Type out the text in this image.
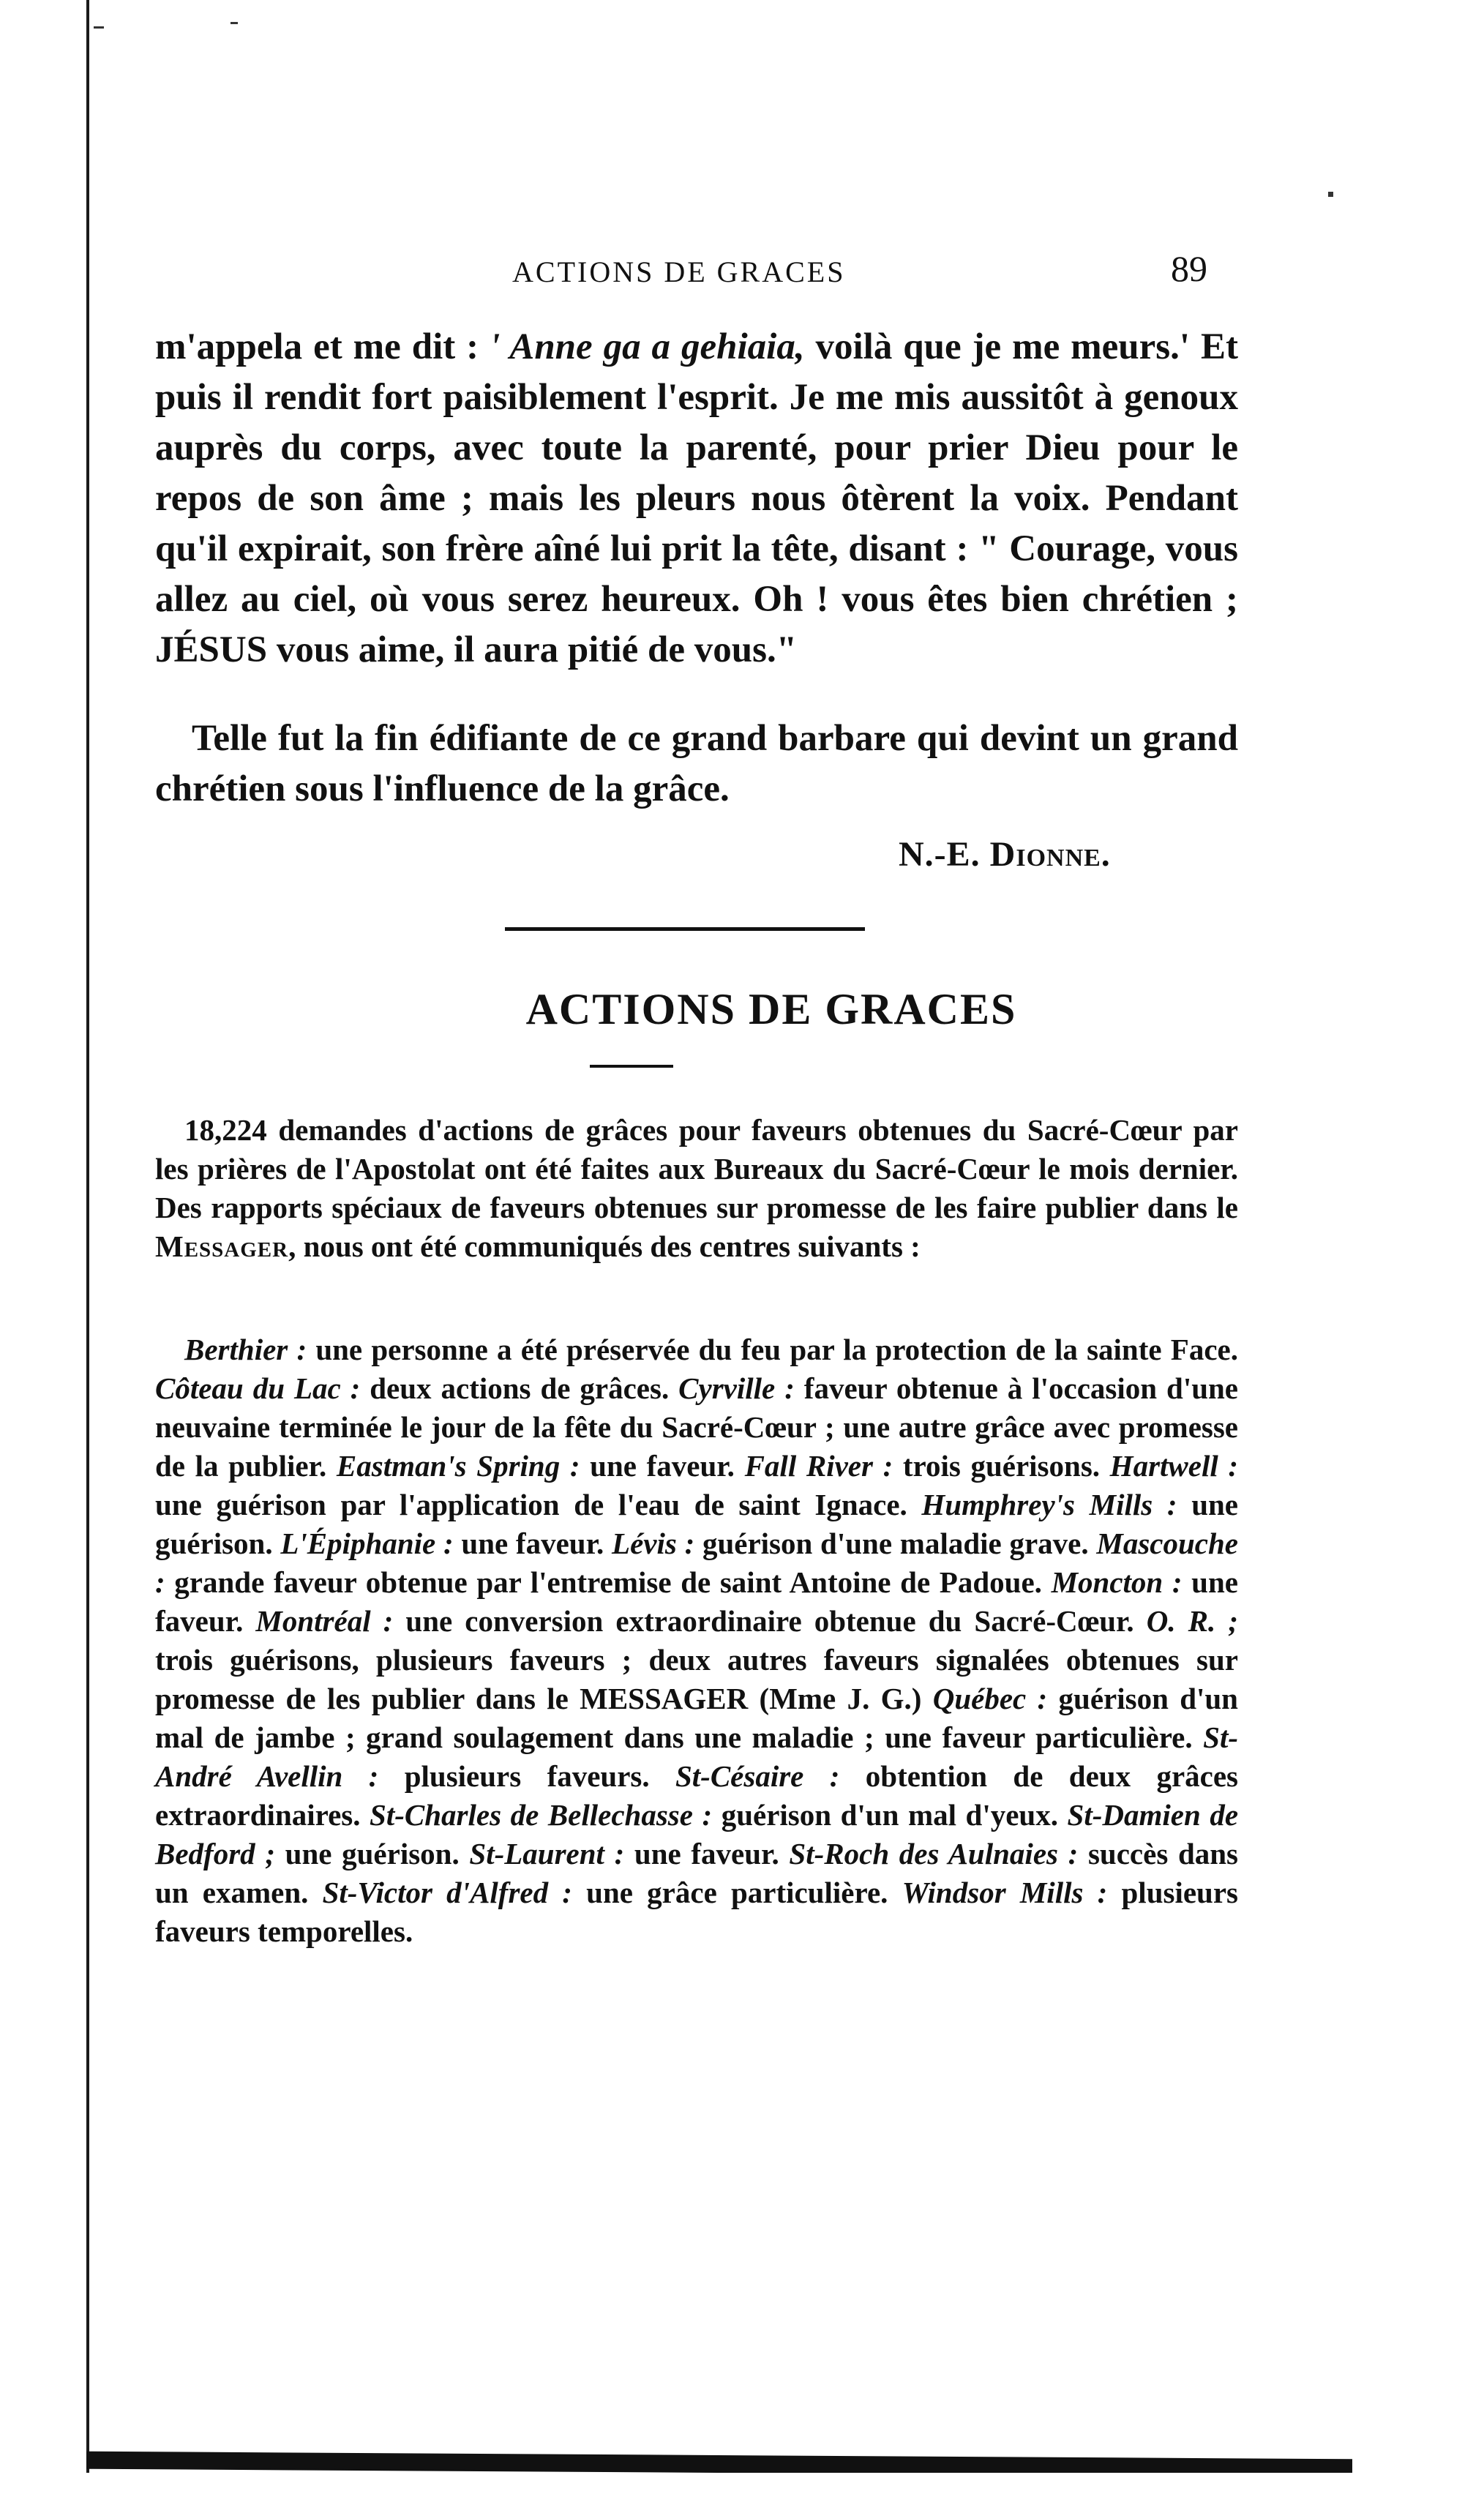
ACTIONS DE GRACES	89
m'appela et me dit : ' Anne ga a gehiaia, voilà que je me meurs.' Et puis il rendit fort paisiblement l'esprit. Je me mis aussitôt à genoux auprès du corps, avec toute la parenté, pour prier Dieu pour le repos de son âme ; mais les pleurs nous ôtèrent la voix. Pendant qu'il expirait, son frère aîné lui prit la tête, disant : " Courage, vous allez au ciel, où vous serez heureux. Oh ! vous êtes bien chrétien ; JÉSUS vous aime, il aura pitié de vous."
Telle fut la fin édifiante de ce grand barbare qui devint un grand chrétien sous l'influence de la grâce.
N.-E. Dionne.
ACTIONS DE GRACES
18,224 demandes d'actions de grâces pour faveurs obtenues du Sacré-Cœur par les prières de l'Apostolat ont été faites aux Bureaux du Sacré-Cœur le mois dernier. Des rapports spéciaux de faveurs obtenues sur promesse de les faire publier dans le Messager, nous ont été communiqués des centres suivants :
Berthier : une personne a été préservée du feu par la protection de la sainte Face. Côteau du Lac : deux actions de grâces. Cyrville : faveur obtenue à l'occasion d'une neuvaine terminée le jour de la fête du Sacré-Cœur ; une autre grâce avec promesse de la publier. Eastman's Spring : une faveur. Fall River : trois guérisons. Hartwell : une guérison par l'application de l'eau de saint Ignace. Humphrey's Mills : une guérison. L'Épiphanie : une faveur. Lévis : guérison d'une maladie grave. Mascouche : grande faveur obtenue par l'entremise de saint Antoine de Padoue. Moncton : une faveur. Montréal : une conversion extraordinaire obtenue du Sacré-Cœur. O. R. ; trois guérisons, plusieurs faveurs ; deux autres faveurs signalées obtenues sur promesse de les publier dans le MESSAGER (Mme J. G.) Québec : guérison d'un mal de jambe ; grand soulagement dans une maladie ; une faveur particulière. St-André Avellin : plusieurs faveurs. St-Césaire : obtention de deux grâces extraordinaires. St-Charles de Bellechasse : guérison d'un mal d'yeux. St-Damien de Bedford ; une guérison. St-Laurent : une faveur. St-Roch des Aulnaies : succès dans un examen. St-Victor d'Alfred : une grâce particulière. Windsor Mills : plusieurs faveurs temporelles.
